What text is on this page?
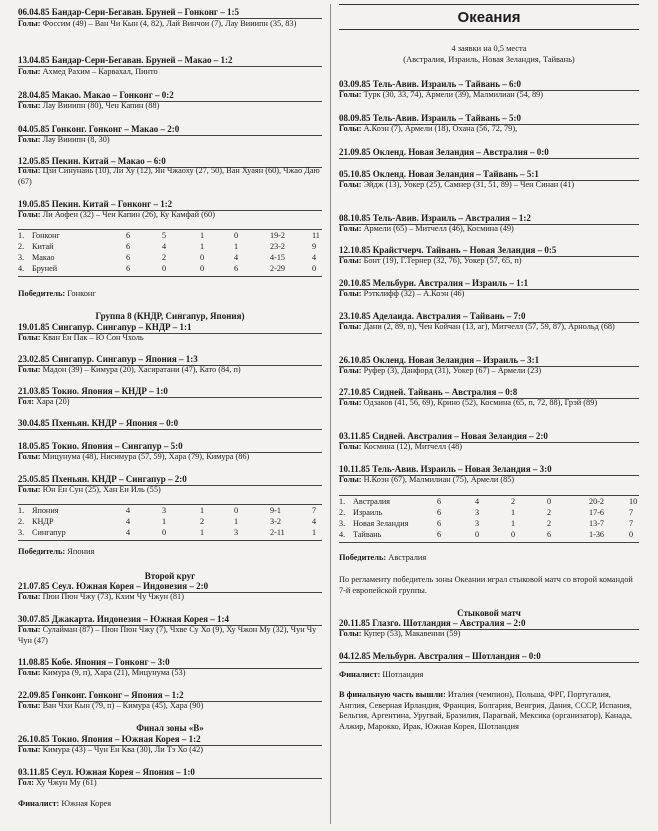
06.04.85 Бандар-Сери-Бегаван. Бруней – Гонконг – 1:5
Голы: Фоссим (49) – Ван Чи Кын (4, 82), Лай Винчои (7), Лау Вииипн (35, 83)
13.04.85 Бандар-Сери-Бегаван. Бруней – Макао – 1:2
Голы: Ахмед Рахим – Карвахал, Пинто
28.04.85 Макао. Макао – Гонконг – 0:2
Голы: Лау Вииипн (80), Чен Капин (88)
04.05.85 Гонконг. Гонконг – Макао – 2:0
Голы: Лау Вииипн (8, 30)
12.05.85 Пекин. Китай – Макао – 6:0
Голы: Цзи Синунаиь (10), Ли Ху (12), Ян Чжаоху (27, 50), Ван Хуаян (60), Чжао Даю (67)
19.05.85 Пекин. Китай – Гонконг – 1:2
Голы: Ли Аофен (32) – Чен Капин (26), Ку Камфай (60)
1. Гонконг	6	5	1	0	19-2	11
2. Китай	6	4	1	1	23-2	9
3. Макао	6	2	0	4	4-15	4
4. Бруней	6	0	0	6	2-29	0
Победитель: Гонконг
Группа 8 (КНДР, Сингапур, Япония)
19.01.85 Сингапур. Сингапур – КНДР – 1:1
Голы: Кван Ен Пак – Ю Сон Чхоль
23.02.85 Сингапур. Сингапур – Япония – 1:3
Голы: Мадон (39) – Кимура (20), Хасиратани (47), Като (84, п)
21.03.85 Токио. Япония – КНДР – 1:0
Гол: Хара (20)
30.04.85 Пхеньян. КНДР – Япония – 0:0
18.05.85 Токио. Япония – Сингапур – 5:0
Голы: Мицунума (48), Нисимура (57, 59), Хара (79), Кимура (86)
25.05.85 Пхеньян. КНДР – Сингапур – 2:0
Голы: Юн Ен Сун (25), Хан Ен Иль (55)
1. Япония	4	3	1	0	9-1	7
2. КНДР	4	1	2	1	3-2	4
3. Сингапур	4	0	1	3	2-11	1
Победитель: Япония
Второй круг
21.07.85 Сеул. Южная Корея – Индонезия – 2:0
Голы: Пюн Пюн Чжу (73), Кхим Чу Чжун (81)
30.07.85 Джакарта. Индонезия – Южная Корея – 1:4
Голы: Сулайман (87) – Пюн Пюн Чжу (7), Чхве Су Хо (9), Ху Чжон Му (32), Чун Чу Чун (47)
11.08.85 Кобе. Япония – Гонконг – 3:0
Голы: Кимура (9, п), Хара (21), Мицунума (53)
22.09.85 Гонконг. Гонконг – Япония – 1:2
Голы: Ван Чхи Кын (79, п) – Кимура (45), Хара (90)
Финал зоны «В»
26.10.85 Токио. Япония – Южная Корея – 1:2
Голы: Кимура (43) – Чун Ен Ква (30), Ли Тэ Хо (42)
03.11.85 Сеул. Южная Корея – Япония – 1:0
Гол: Ху Чжун Му (61)
Финалист: Южная Корея
Океания
4 заявки на 0,5 места
(Австралия, Израиль, Новая Зеландия, Тайвань)
03.09.85 Тель-Авив. Израиль – Тайвань – 6:0
Голы: Турк (30, 33, 74), Армели (39), Малмилиан (54, 89)
08.09.85 Тель-Авив. Израиль – Тайвань – 5:0
Голы: А.Коэн (7), Армели (18), Охана (56, 72, 79),
21.09.85 Окленд. Новая Зеландия – Австралия – 0:0
05.10.85 Окленд. Новая Зеландия – Тайвань – 5:1
Голы: Эйдж (13), Уокер (25), Самнер (31, 51, 89) – Чен Синан (41)
08.10.85 Тель-Авив. Израиль – Австралия – 1:2
Голы: Армели (65) – Митчелл (46), Космина (49)
12.10.85 Крайстчерч. Тайвань – Новая Зеландия – 0:5
Голы: Бонт (19), Г.Тернер (32, 76), Уокер (57, 65, п)
20.10.85 Мельбурн. Австралия – Израиль – 1:1
Голы: Рэтклифф (32) – А.Коэн (46)
23.10.85 Аделаида. Австралия – Тайвань – 7:0
Голы: Дани (2, 89, п), Чен Койчан (13, аг), Митчелл (57, 59, 87), Арнольд (68)
26.10.85 Окленд. Новая Зеландия – Израиль – 3:1
Голы: Руфер (3), Данфорд (31), Уокер (67) – Армели (23)
27.10.85 Сидней. Тайвань – Австралия – 0:8
Голы: Одзаков (41, 56, 69), Крино (52), Космина (65, п, 72, 88), Грэй (89)
03.11.85 Сидней. Австралия – Новая Зеландия – 2:0
Голы: Космина (12), Митчелл (48)
10.11.85 Тель-Авив. Израиль – Новая Зеландия – 3:0
Голы: Н.Коэн (67), Малмилиан (75), Армели (85)
1. Австралия	6	4	2	0	20-2	10
2. Израиль	6	3	1	2	17-6	7
3. Новая Зеландия	6	3	1	2	13-7	7
4. Тайвань	6	0	0	6	1-36	0
Победитель: Австралия
По регламенту победитель зоны Океании играл стыковой матч со второй командой 7-й европейской группы.
Стыковой матч
20.11.85 Глазго. Шотландия – Австралия – 2:0
Голы: Купер (53), Макавенни (59)
04.12.85 Мельбурн. Австралия – Шотландия – 0:0
Финалист: Шотландия
В финальную часть вышли: Италия (чемпион), Польша, ФРГ, Португалия, Англия, Северная Ирландия, Франция, Болгария, Венгрия, Дания, СССР, Испания, Бельгия, Аргентина, Уругвай, Бразилия, Парагвай, Мексика (организатор), Канада, Алжир, Марокко, Ирак, Южная Корея, Шотландия
